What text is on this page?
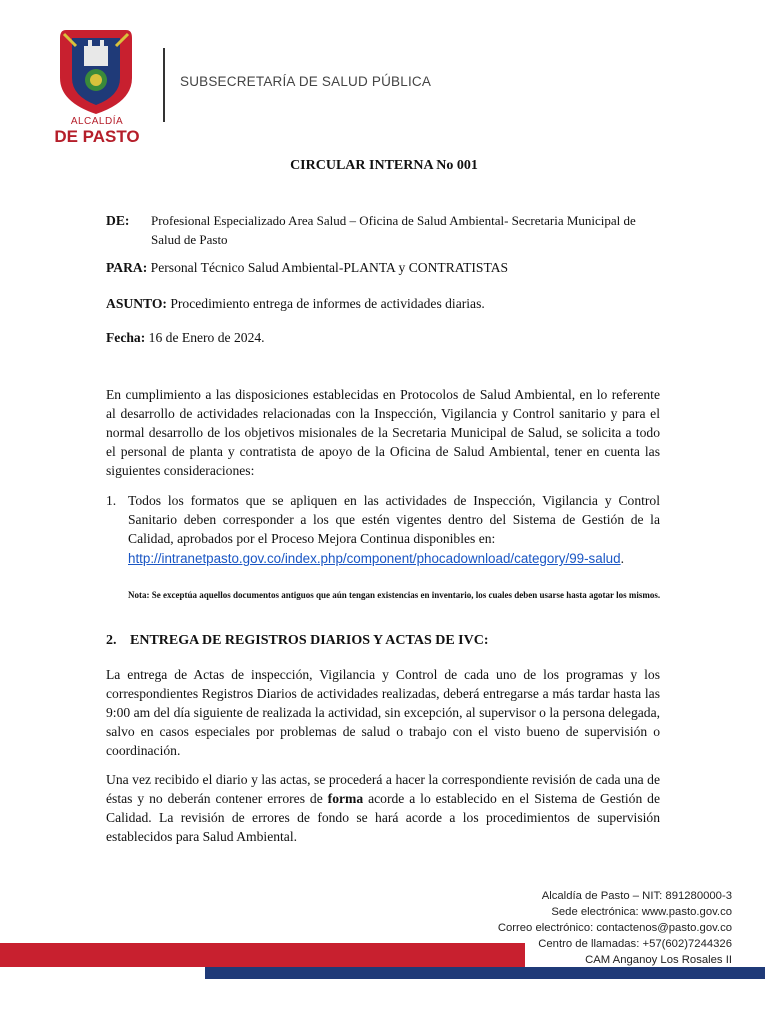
ALCALDÍA
DE PASTO
SUBSECRETARÍA DE SALUD PÚBLICA
CIRCULAR INTERNA No 001
DE: Profesional Especializado Area Salud – Oficina de Salud Ambiental- Secretaria Municipal de Salud de Pasto
PARA: Personal Técnico Salud Ambiental-PLANTA y CONTRATISTAS
ASUNTO: Procedimiento entrega de informes de actividades diarias.
Fecha: 16 de Enero de 2024.
En cumplimiento a las disposiciones establecidas en Protocolos de Salud Ambiental, en lo referente al desarrollo de actividades relacionadas con la Inspección, Vigilancia y Control sanitario y para el normal desarrollo de los objetivos misionales de la Secretaria Municipal de Salud, se solicita a todo el personal de planta y contratista de apoyo de la Oficina de Salud Ambiental, tener en cuenta las siguientes consideraciones:
1. Todos los formatos que se apliquen en las actividades de Inspección, Vigilancia y Control Sanitario deben corresponder a los que estén vigentes dentro del Sistema de Gestión de la Calidad, aprobados por el Proceso Mejora Continua disponibles en:
http://intranetpasto.gov.co/index.php/component/phocadownload/category/99-salud.
Nota: Se exceptúa aquellos documentos antiguos que aún tengan existencias en inventario, los cuales deben usarse hasta agotar los mismos.
2. ENTREGA DE REGISTROS DIARIOS Y ACTAS DE IVC:
La entrega de Actas de inspección, Vigilancia y Control de cada uno de los programas y los correspondientes Registros Diarios de actividades realizadas, deberá entregarse a más tardar hasta las 9:00 am del día siguiente de realizada la actividad, sin excepción, al supervisor o la persona delegada, salvo en casos especiales por problemas de salud o trabajo con el visto bueno de supervisión o coordinación.
Una vez recibido el diario y las actas, se procederá a hacer la correspondiente revisión de cada una de éstas y no deberán contener errores de forma acorde a lo establecido en el Sistema de Gestión de Calidad. La revisión de errores de fondo se hará acorde a los procedimientos de supervisión establecidos para Salud Ambiental.
Alcaldía de Pasto – NIT: 891280000-3
Sede electrónica: www.pasto.gov.co
Correo electrónico: contactenos@pasto.gov.co
Centro de llamadas: +57(602)7244326
CAM Anganoy Los Rosales II
